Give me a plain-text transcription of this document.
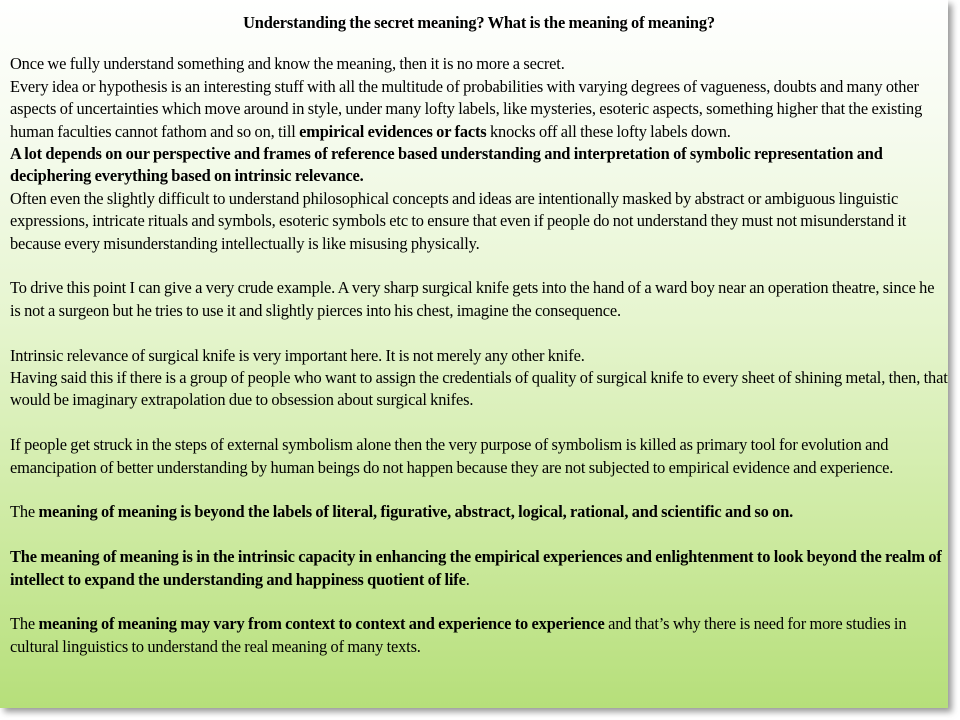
Understanding the secret meaning? What is the meaning of meaning?

Once we fully understand something and know the meaning, then it is no more a secret.

Every idea or hypothesis is an interesting stuff with all the multitude of probabilities with varying degrees of vagueness, doubts and many other aspects of uncertainties which move around in style, under many lofty labels, like mysteries, esoteric aspects, something higher that the existing human faculties cannot fathom and so on, till empirical evidences or facts knocks off all these lofty labels down.

A lot depends on our perspective and frames of reference based understanding and interpretation of symbolic representation and deciphering everything based on intrinsic relevance.

Often even the slightly difficult to understand philosophical concepts and ideas are intentionally masked by abstract or ambiguous linguistic expressions, intricate rituals and symbols, esoteric symbols etc to ensure that even if people do not understand they must not misunderstand it because every misunderstanding intellectually is like misusing physically.

To drive this point I can give a very crude example. A very sharp surgical knife gets into the hand of a ward boy near an operation theatre, since he is not a surgeon but he tries to use it and slightly pierces into his chest, imagine the consequence.

Intrinsic relevance of surgical knife is very important here. It is not merely any other knife.

Having said this if there is a group of people who want to assign the credentials of quality of surgical knife to every sheet of shining metal, then, that would be imaginary extrapolation due to obsession about surgical knifes.

If people get struck in the steps of external symbolism alone then the very purpose of symbolism is killed as primary tool for evolution and emancipation of better understanding by human beings do not happen because they are not subjected to empirical evidence and experience.

The meaning of meaning is beyond the labels of literal, figurative, abstract, logical, rational, and scientific and so on.

The meaning of meaning is in the intrinsic capacity in enhancing the empirical experiences and enlightenment to look beyond the realm of intellect to expand the understanding and happiness quotient of life.

The meaning of meaning may vary from context to context and experience to experience and that’s why there is need for more studies in cultural linguistics to understand the real meaning of many texts.
